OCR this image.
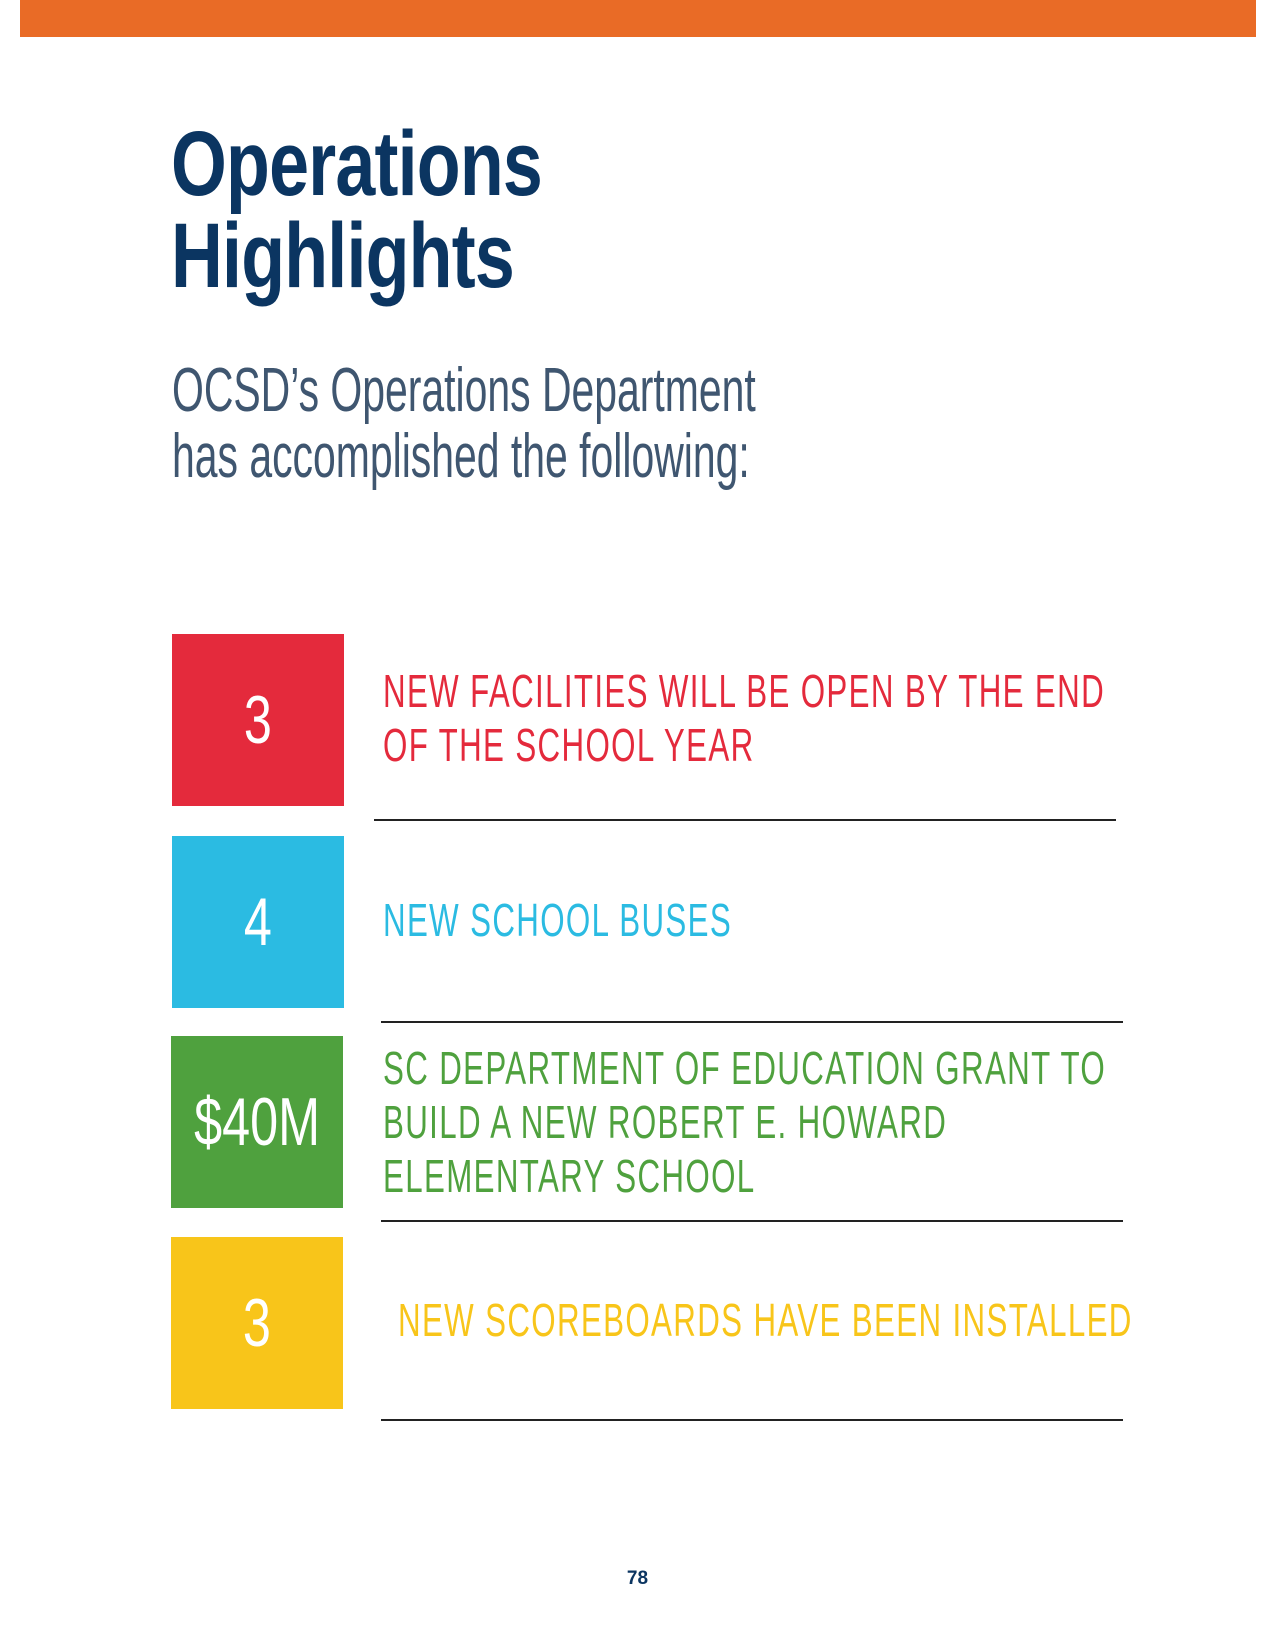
Operations
Highlights

OCSD’s Operations Department
has accomplished the following:

3 NEW FACILITIES WILL BE OPEN BY THE END
OF THE SCHOOL YEAR

4 NEW SCHOOL BUSES

$40M

SC DEPARTMENT OF EDUCATION GRANT TO
BUILD A NEW ROBERT E. HOWARD
ELEMENTARY SCHOOL

3	NEW SCOREBOARDS HAVE BEEN INSTALLED

78
